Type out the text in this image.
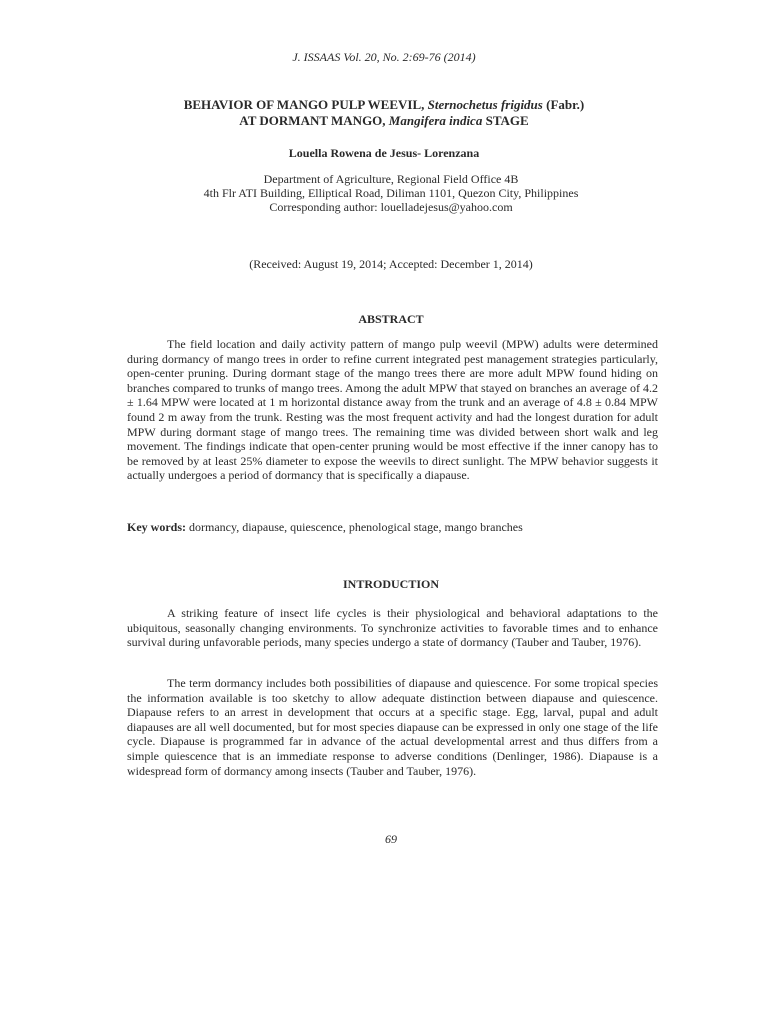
J. ISSAAS Vol. 20, No. 2:69-76 (2014)
BEHAVIOR OF MANGO PULP WEEVIL, Sternochetus frigidus (Fabr.)
AT DORMANT MANGO, Mangifera indica STAGE
Louella Rowena de Jesus- Lorenzana
Department of Agriculture, Regional Field Office 4B
4th Flr ATI Building, Elliptical Road, Diliman 1101, Quezon City, Philippines
Corresponding author: louelladejesus@yahoo.com
(Received: August 19, 2014; Accepted: December 1, 2014)
ABSTRACT
The field location and daily activity pattern of mango pulp weevil (MPW) adults were determined during dormancy of mango trees in order to refine current integrated pest management strategies particularly, open-center pruning. During dormant stage of the mango trees there are more adult MPW found hiding on branches compared to trunks of mango trees. Among the adult MPW that stayed on branches an average of 4.2 ± 1.64 MPW were located at 1 m horizontal distance away from the trunk and an average of 4.8 ± 0.84 MPW found 2 m away from the trunk. Resting was the most frequent activity and had the longest duration for adult MPW during dormant stage of mango trees. The remaining time was divided between short walk and leg movement. The findings indicate that open-center pruning would be most effective if the inner canopy has to be removed by at least 25% diameter to expose the weevils to direct sunlight. The MPW behavior suggests it actually undergoes a period of dormancy that is specifically a diapause.
Key words: dormancy, diapause, quiescence, phenological stage, mango branches
INTRODUCTION
A striking feature of insect life cycles is their physiological and behavioral adaptations to the ubiquitous, seasonally changing environments. To synchronize activities to favorable times and to enhance survival during unfavorable periods, many species undergo a state of dormancy (Tauber and Tauber, 1976).
The term dormancy includes both possibilities of diapause and quiescence. For some tropical species the information available is too sketchy to allow adequate distinction between diapause and quiescence. Diapause refers to an arrest in development that occurs at a specific stage. Egg, larval, pupal and adult diapauses are all well documented, but for most species diapause can be expressed in only one stage of the life cycle. Diapause is programmed far in advance of the actual developmental arrest and thus differs from a simple quiescence that is an immediate response to adverse conditions (Denlinger, 1986). Diapause is a widespread form of dormancy among insects (Tauber and Tauber, 1976).
69
